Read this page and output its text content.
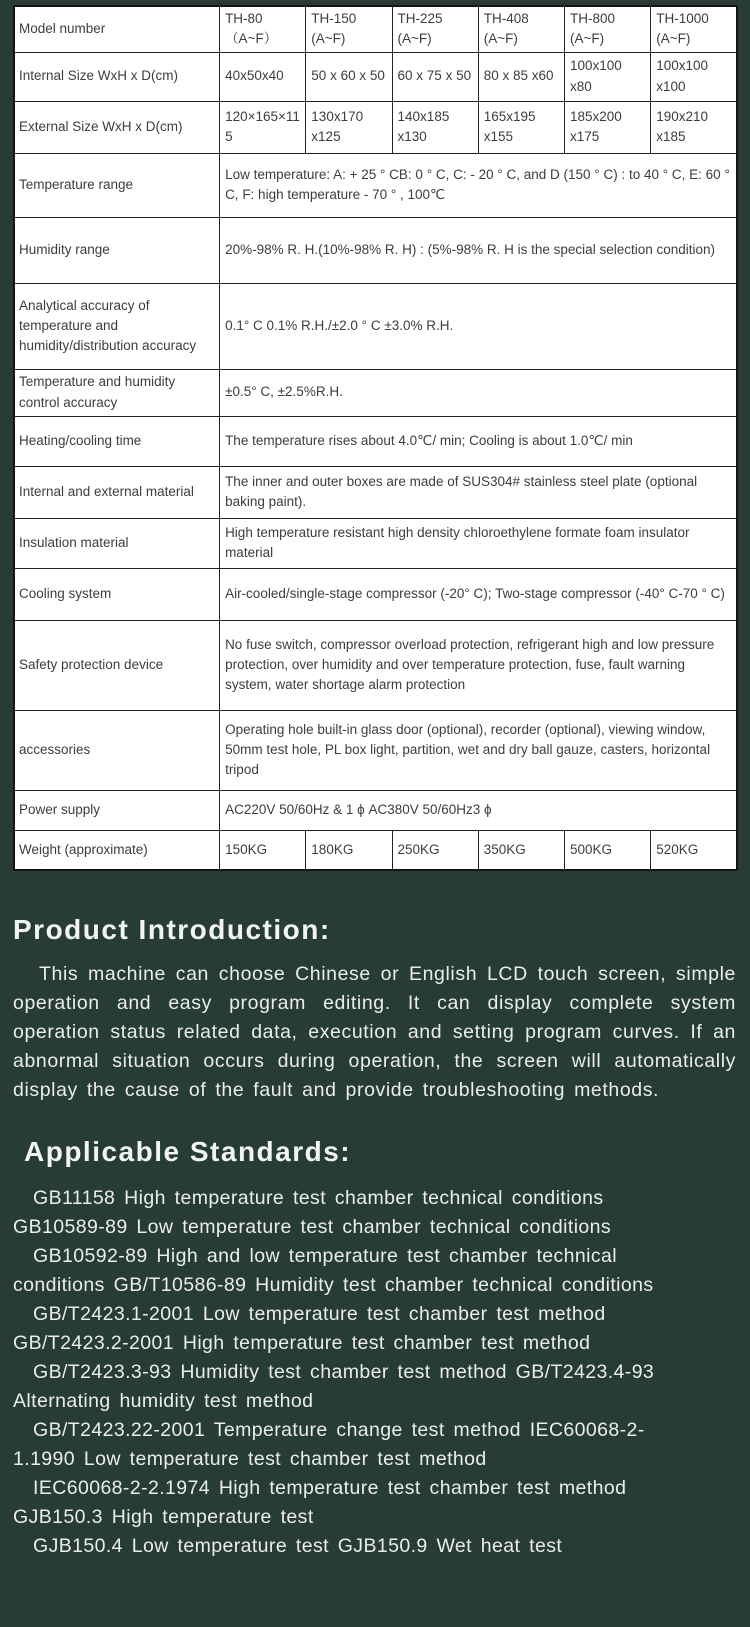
Model number	TH-80 （A~F）	TH-150 (A~F)	TH-225 (A~F)	TH-408 (A~F)	TH-800 (A~F)	TH-1000 (A~F)
Internal Size WxH x D(cm)	40x50x40	50 x 60 x 50	60 x 75 x 50	80 x 85 x60	100x100 x80	100x100 x100
External Size WxH x D(cm)	120×165×115	130x170 x125	140x185 x130	165x195 x155	185x200 x175	190x210 x185
Temperature range	Low temperature: A: + 25 ° CB: 0 ° C, C: - 20 ° C, and D (150 ° C) : to 40 ° C, E: 60 ° C, F: high temperature - 70 ° , 100℃					
Humidity range	20%-98% R. H.(10%-98% R. H) : (5%-98% R. H is the special selection condition)					
Analytical accuracy of temperature and humidity/distribution accuracy	0.1° C 0.1% R.H./±2.0 ° C ±3.0% R.H.					
Temperature and humidity control accuracy	±0.5° C, ±2.5%R.H.					
Heating/cooling time	The temperature rises about 4.0℃/ min; Cooling is about 1.0℃/ min					
Internal and external material	The inner and outer boxes are made of SUS304# stainless steel plate (optional baking paint).					
Insulation material	High temperature resistant high density chloroethylene formate foam insulator material					
Cooling system	Air-cooled/single-stage compressor (-20° C); Two-stage compressor (-40° C-70 ° C)					
Safety protection device	No fuse switch, compressor overload protection, refrigerant high and low pressure protection, over humidity and over temperature protection, fuse, fault warning system, water shortage alarm protection					
accessories	Operating hole built-in glass door (optional), recorder (optional), viewing window, 50mm test hole, PL box light, partition, wet and dry ball gauze, casters, horizontal tripod					
Power supply	AC220V 50/60Hz & 1 ϕ AC380V 50/60Hz3 ϕ					
Weight (approximate)	150KG	180KG	250KG	350KG	500KG	520KG
Product Introduction:

This machine can choose Chinese or English LCD touch screen, simple operation and easy program editing. It can display complete system operation status related data, execution and setting program curves. If an abnormal situation occurs during operation, the screen will automatically display the cause of the fault and provide troubleshooting methods.

Applicable Standards:
GB11158 High temperature test chamber technical conditions
GB10589-89 Low temperature test chamber technical conditions
GB10592-89 High and low temperature test chamber technical
conditions GB/T10586-89 Humidity test chamber technical conditions
GB/T2423.1-2001 Low temperature test chamber test method
GB/T2423.2-2001 High temperature test chamber test method
GB/T2423.3-93 Humidity test chamber test method GB/T2423.4-93
Alternating humidity test method
GB/T2423.22-2001 Temperature change test method IEC60068-2-
1.1990 Low temperature test chamber test method
IEC60068-2-2.1974 High temperature test chamber test method
GJB150.3 High temperature test
GJB150.4 Low temperature test GJB150.9 Wet heat test
